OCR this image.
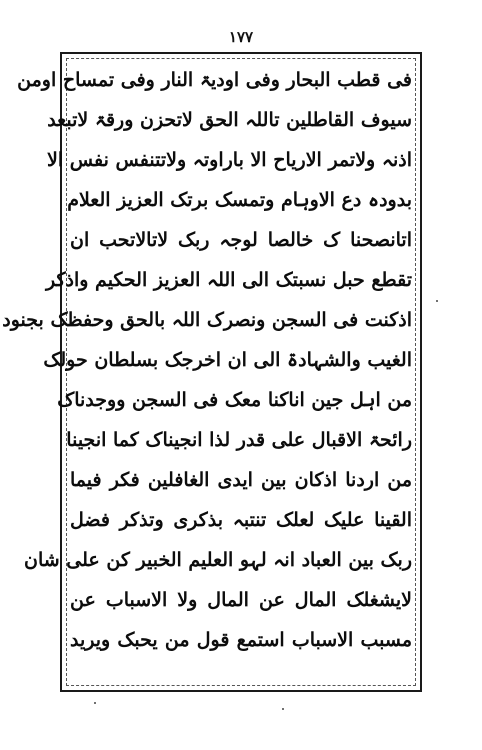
۱۷۷
فی قطب البحار وفی اودیۃ النار وفی تمساح اومن
سیوف القاطلین تاللہ الحق لاتحزن ورقۃ لاتبعد
اذنہ ولاتمر الاریاح الا باراوتہ ولاتتنفس نفس الا
بدودہ دع الاوہام وتمسک برتک العزیز العلام
اتانصحنا ک خالصا لوجہ ربک لاتالاتحب ان
تقطع حبل نسبتک الی اللہ العزیز الحکیم واذکر
اذکنت فی السجن ونصرک اللہ بالحق وحفظک بجنود
الغیب والشہادۃ الی ان اخرجک بسلطان حولک
من اہل جین اناکنا معک فی السجن ووجدناک
رائحۃ الاقبال علی قدر لذا انجیناک کما انجینا
من اردنا اذکان بین ایدی الغافلین فکر فیما
القینا علیک لعلک تنتبہ بذکری وتذکر فضل
ربک بین العباد انہ لہو العلیم الخبیر کن علی شان
لایشغلک المال عن المال ولا الاسباب عن
مسبب الاسباب استمع قول من یحبک ویرید
